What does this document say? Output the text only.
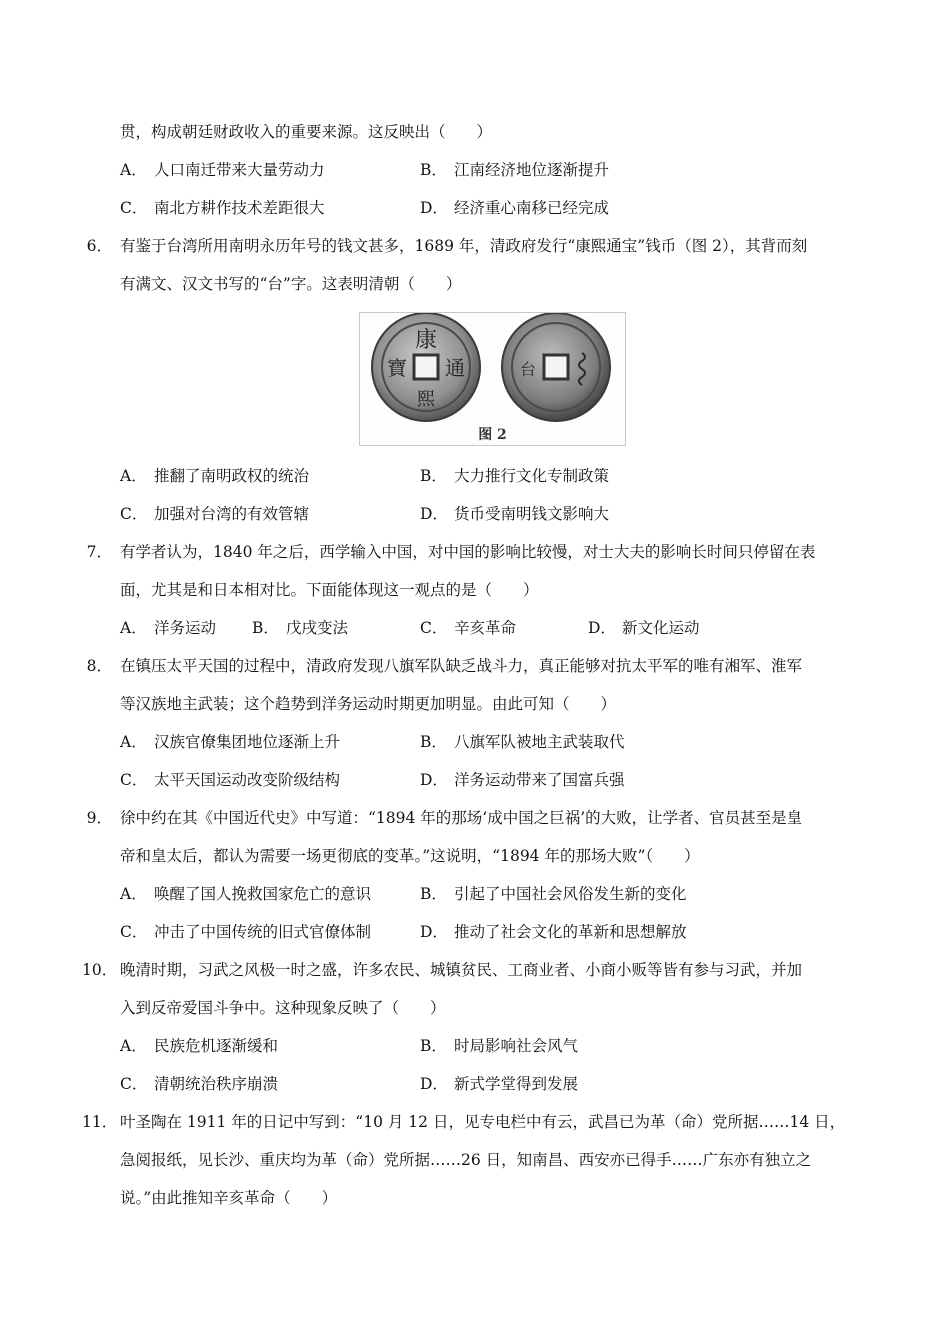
贯，构成朝廷财政收入的重要来源。这反映出（　　）
A． 人口南迁带来大量劳动力	B． 江南经济地位逐渐提升
C． 南北方耕作技术差距很大	D． 经济重心南移已经完成
6． 有鉴于台湾所用南明永历年号的钱文甚多，1689 年，清政府发行“康熙通宝”钱币（图 2），其背而刻
有满文、汉文书写的“台”字。这表明清朝（　　）
康
熙
通
寶	台
图 2
A． 推翻了南明政权的统治	B． 大力推行文化专制政策
C． 加强对台湾的有效管辖	D． 货币受南明钱文影响大
7． 有学者认为，1840 年之后，西学输入中国，对中国的影响比较慢，对士大夫的影响长时间只停留在表
面，尤其是和日本相对比。下面能体现这一观点的是（　　）
A． 洋务运动 B． 戊戌变法	C． 辛亥革命	D． 新文化运动
8． 在镇压太平天国的过程中，清政府发现八旗军队缺乏战斗力，真正能够对抗太平军的唯有湘军、淮军
等汉族地主武装；这个趋势到洋务运动时期更加明显。由此可知（　　）
A． 汉族官僚集团地位逐渐上升	B． 八旗军队被地主武装取代
C． 太平天国运动改变阶级结构	D． 洋务运动带来了国富兵强
9． 徐中约在其《中国近代史》中写道：“1894 年的那场‘成中国之巨祸’的大败，让学者、官员甚至是皇
帝和皇太后，都认为需要一场更彻底的变革。”这说明，“1894 年的那场大败”（　　）
A． 唤醒了国人挽救国家危亡的意识	B． 引起了中国社会风俗发生新的变化
C． 冲击了中国传统的旧式官僚体制	D． 推动了社会文化的革新和思想解放
10． 晚清时期，习武之风极一时之盛，许多农民、城镇贫民、工商业者、小商小贩等皆有参与习武，并加
入到反帝爱国斗争中。这种现象反映了（　　）
A． 民族危机逐渐缓和	B． 时局影响社会风气
C． 清朝统治秩序崩溃	D． 新式学堂得到发展
11． 叶圣陶在 1911 年的日记中写到：“10 月 12 日，见专电栏中有云，武昌已为革（命）党所据……14 日，
急阅报纸，见长沙、重庆均为革（命）党所据……26 日，知南昌、西安亦已得手……广东亦有独立之
说。”由此推知辛亥革命（　　）
